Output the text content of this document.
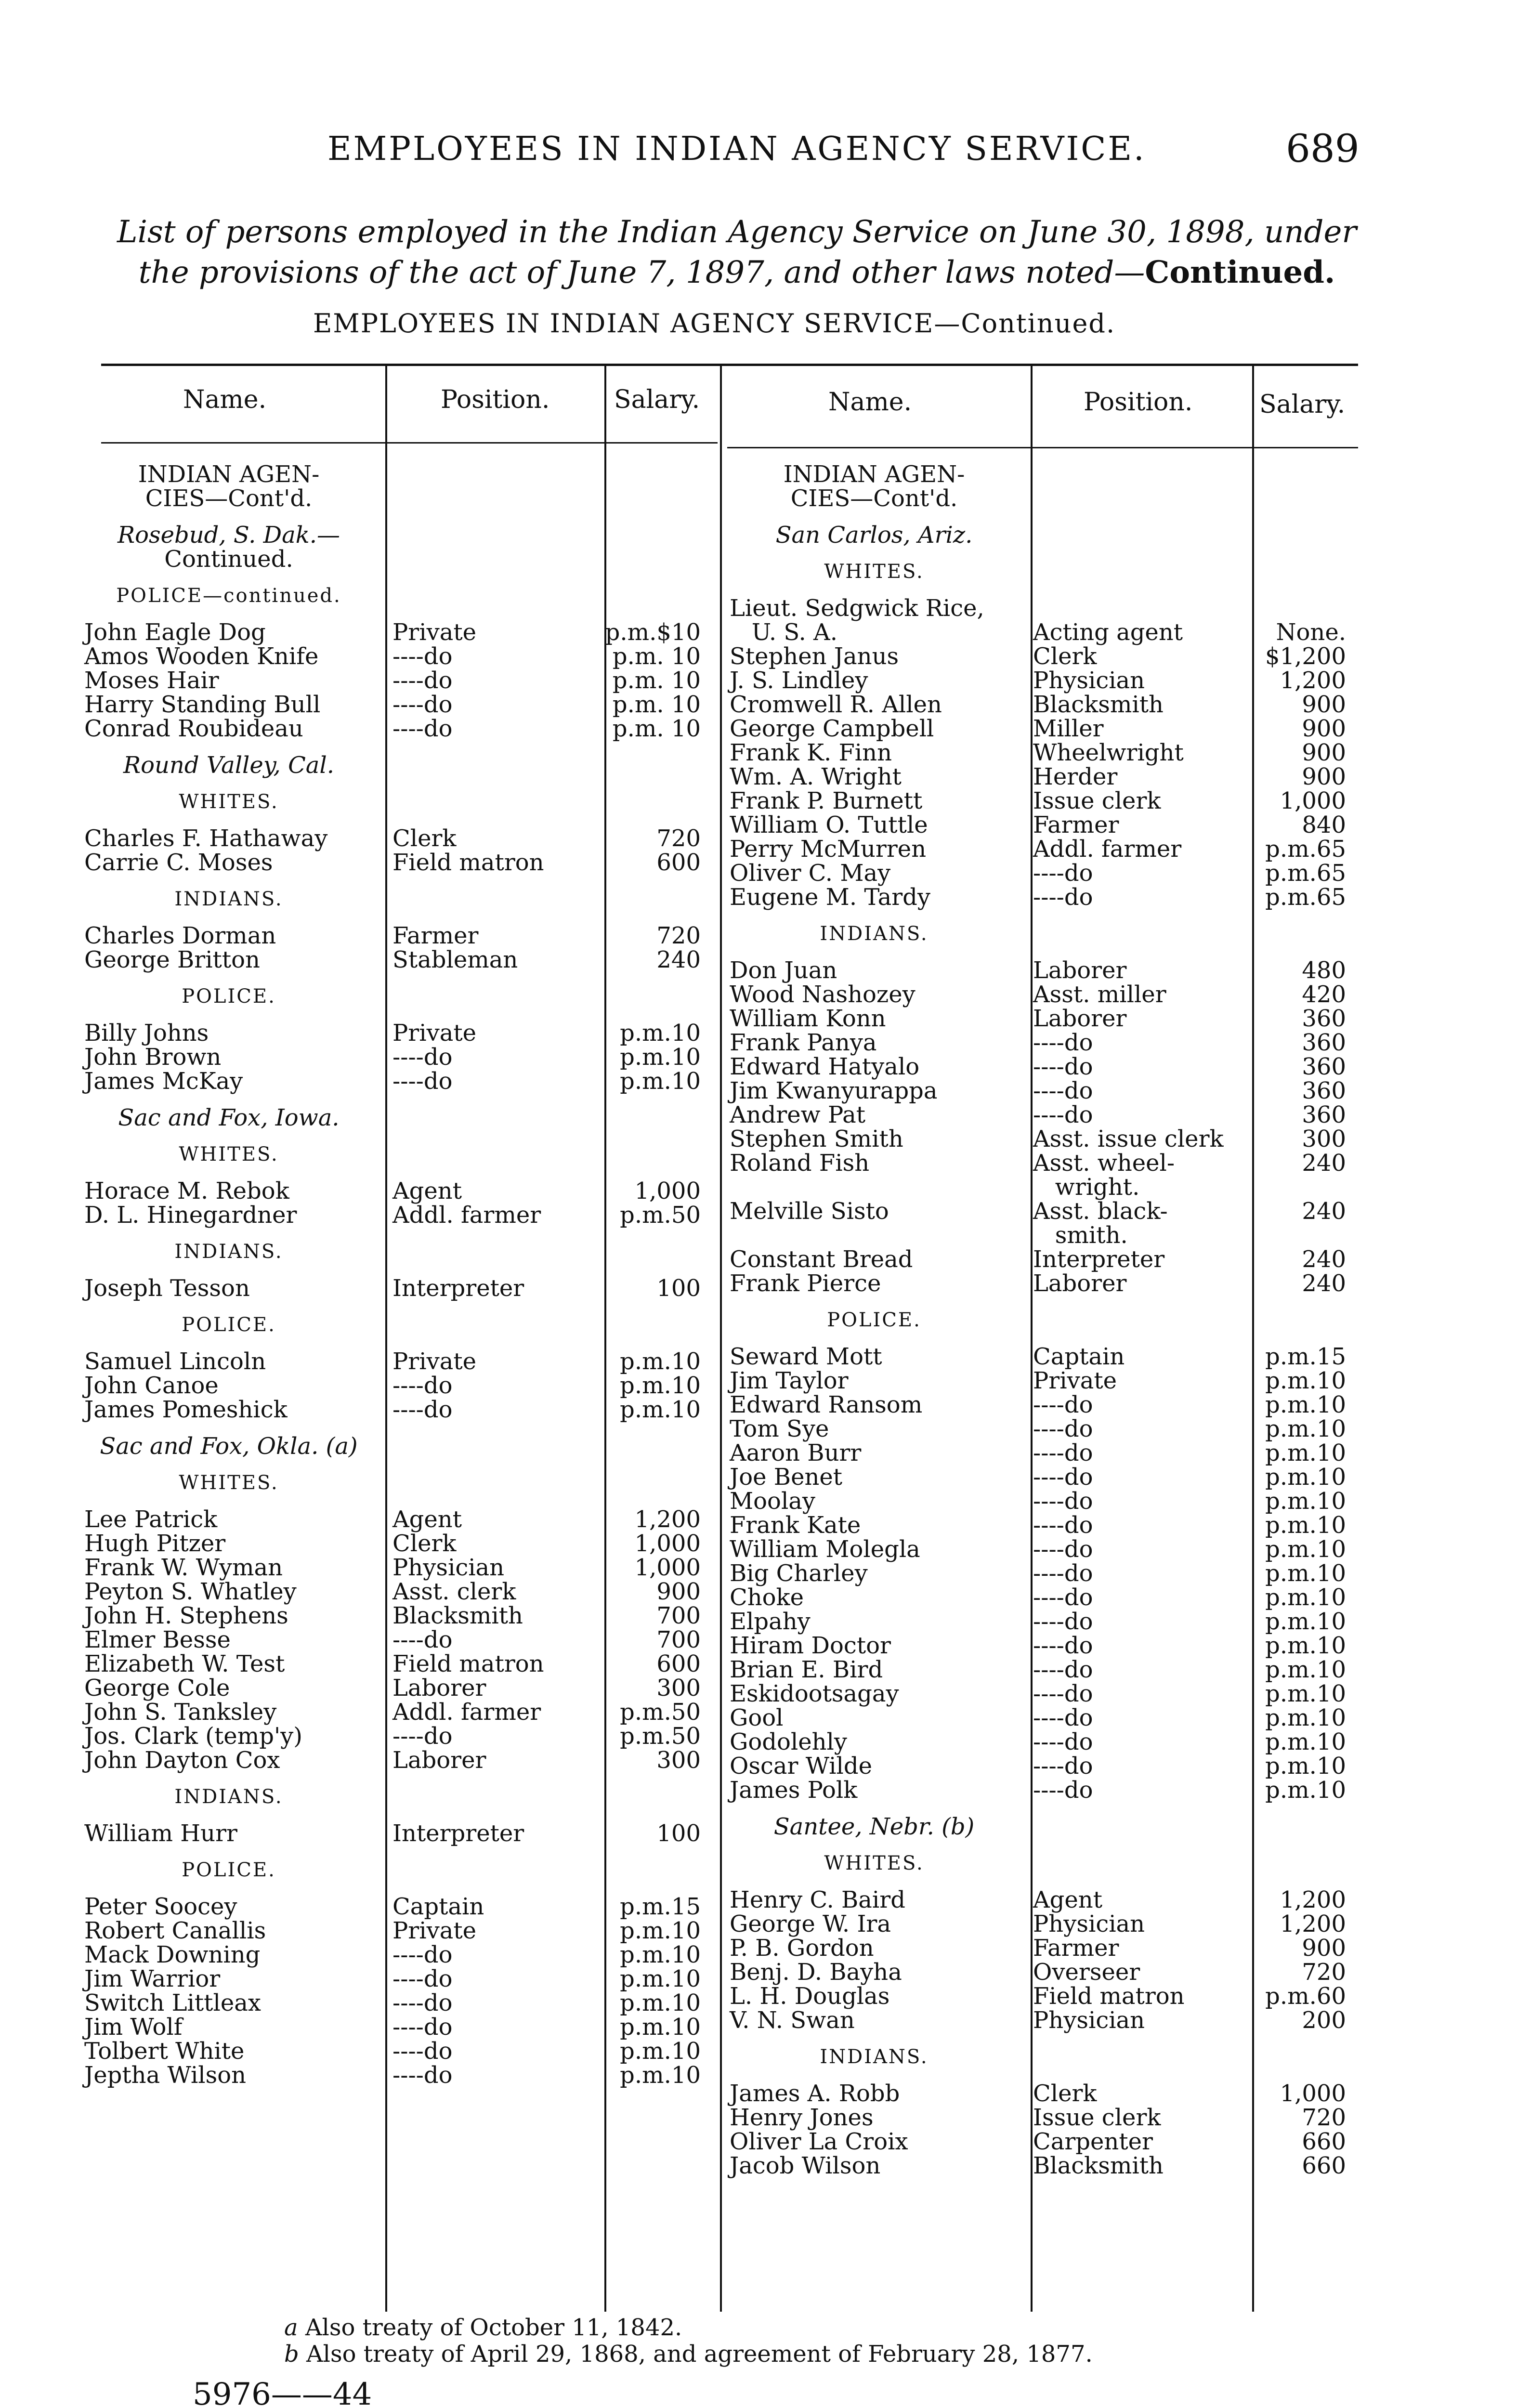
EMPLOYEES IN INDIAN AGENCY SERVICE.	689
List of persons employed in the Indian Agency Service on June 30, 1898, under the provisions of the act of June 7, 1897, and other laws noted—Continued.
EMPLOYEES IN INDIAN AGENCY SERVICE—Continued.
Name.	Position.	Salary.	Name.	Position.	Salary.
INDIAN AGEN-
CIES—Cont'd.
Rosebud, S. Dak.—
Continued.
POLICE—continued.
John Eagle Dog	Private	p.m.$10
Amos Wooden Knife	----do	p.m. 10
Moses Hair	----do	p.m. 10
Harry Standing Bull	----do	p.m. 10
Conrad Roubideau	----do	p.m. 10
Round Valley, Cal.
WHITES.
Charles F. Hathaway	Clerk	720
Carrie C. Moses	Field matron	600
INDIANS.
Charles Dorman	Farmer	720
George Britton	Stableman	240
POLICE.
Billy Johns	Private	p.m.10
John Brown	----do	p.m.10
James McKay	----do	p.m.10
Sac and Fox, Iowa.
WHITES.
Horace M. Rebok	Agent	1,000
D. L. Hinegardner	Addl. farmer	p.m.50
INDIANS.
Joseph Tesson	Interpreter	100
POLICE.
Samuel Lincoln	Private	p.m.10
John Canoe	----do	p.m.10
James Pomeshick	----do	p.m.10
Sac and Fox, Okla. (a)
WHITES.
Lee Patrick	Agent	1,200
Hugh Pitzer	Clerk	1,000
Frank W. Wyman	Physician	1,000
Peyton S. Whatley	Asst. clerk	900
John H. Stephens	Blacksmith	700
Elmer Besse	----do	700
Elizabeth W. Test	Field matron	600
George Cole	Laborer	300
John S. Tanksley	Addl. farmer	p.m.50
Jos. Clark (temp'y)	----do	p.m.50
John Dayton Cox	Laborer	300
INDIANS.
William Hurr	Interpreter	100
POLICE.
Peter Soocey	Captain	p.m.15
Robert Canallis	Private	p.m.10
Mack Downing	----do	p.m.10
Jim Warrior	----do	p.m.10
Switch Littleax	----do	p.m.10
Jim Wolf	----do	p.m.10
Tolbert White	----do	p.m.10
Jeptha Wilson	----do	p.m.10
INDIAN AGEN-
CIES—Cont'd.
San Carlos, Ariz.
WHITES.
Lieut. Sedgwick Rice,
U. S. A.	Acting agent	None.
Stephen Janus	Clerk	$1,200
J. S. Lindley	Physician	1,200
Cromwell R. Allen	Blacksmith	900
George Campbell	Miller	900
Frank K. Finn	Wheelwright	900
Wm. A. Wright	Herder	900
Frank P. Burnett	Issue clerk	1,000
William O. Tuttle	Farmer	840
Perry McMurren	Addl. farmer	p.m.65
Oliver C. May	----do	p.m.65
Eugene M. Tardy	----do	p.m.65
INDIANS.
Don Juan	Laborer	480
Wood Nashozey	Asst. miller	420
William Konn	Laborer	360
Frank Panya	----do	360
Edward Hatyalo	----do	360
Jim Kwanyurappa	----do	360
Andrew Pat	----do	360
Stephen Smith	Asst. issue clerk	300
Roland Fish	Asst. wheel-	240
wright.
Melville Sisto	Asst. black-	240
smith.
Constant Bread	Interpreter	240
Frank Pierce	Laborer	240
POLICE.
Seward Mott	Captain	p.m.15
Jim Taylor	Private	p.m.10
Edward Ransom	----do	p.m.10
Tom Sye	----do	p.m.10
Aaron Burr	----do	p.m.10
Joe Benet	----do	p.m.10
Moolay	----do	p.m.10
Frank Kate	----do	p.m.10
William Molegla	----do	p.m.10
Big Charley	----do	p.m.10
Choke	----do	p.m.10
Elpahy	----do	p.m.10
Hiram Doctor	----do	p.m.10
Brian E. Bird	----do	p.m.10
Eskidootsagay	----do	p.m.10
Gool	----do	p.m.10
Godolehly	----do	p.m.10
Oscar Wilde	----do	p.m.10
James Polk	----do	p.m.10
Santee, Nebr. (b)
WHITES.
Henry C. Baird	Agent	1,200
George W. Ira	Physician	1,200
P. B. Gordon	Farmer	900
Benj. D. Bayha	Overseer	720
L. H. Douglas	Field matron	p.m.60
V. N. Swan	Physician	200
INDIANS.
James A. Robb	Clerk	1,000
Henry Jones	Issue clerk	720
Oliver La Croix	Carpenter	660
Jacob Wilson	Blacksmith	660
a Also treaty of October 11, 1842.
b Also treaty of April 29, 1868, and agreement of February 28, 1877.
5976——44
